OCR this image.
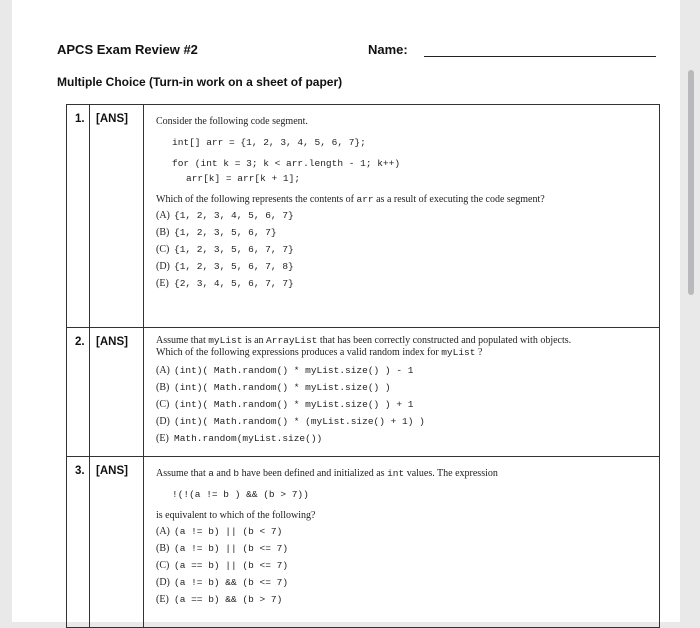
APCS Exam Review #2	Name:
Multiple Choice (Turn-in work on a sheet of paper)
1. [ANS]	Consider the following code segment.
int[] arr = {1, 2, 3, 4, 5, 6, 7};
for (int k = 3; k < arr.length - 1; k++)
arr[k] = arr[k + 1];
Which of the following represents the contents of arr as a result of executing the code segment?
(A) {1, 2, 3, 4, 5, 6, 7}
(B) {1, 2, 3, 5, 6, 7}
(C) {1, 2, 3, 5, 6, 7, 7}
(D) {1, 2, 3, 5, 6, 7, 8}
(E) {2, 3, 4, 5, 6, 7, 7}
2. [ANS]	Assume that myList is an ArrayList that has been correctly constructed and populated with objects.
Which of the following expressions produces a valid random index for myList ?
(A) (int)( Math.random() * myList.size() ) - 1
(B) (int)( Math.random() * myList.size() )
(C) (int)( Math.random() * myList.size() ) + 1
(D) (int)( Math.random() * (myList.size() + 1) )
(E) Math.random(myList.size())
3. [ANS]	Assume that a and b have been defined and initialized as int values. The expression
!(!(a != b ) && (b > 7))
is equivalent to which of the following?
(A) (a != b) || (b < 7)
(B) (a != b) || (b <= 7)
(C) (a == b) || (b <= 7)
(D) (a != b) && (b <= 7)
(E) (a == b) && (b > 7)
